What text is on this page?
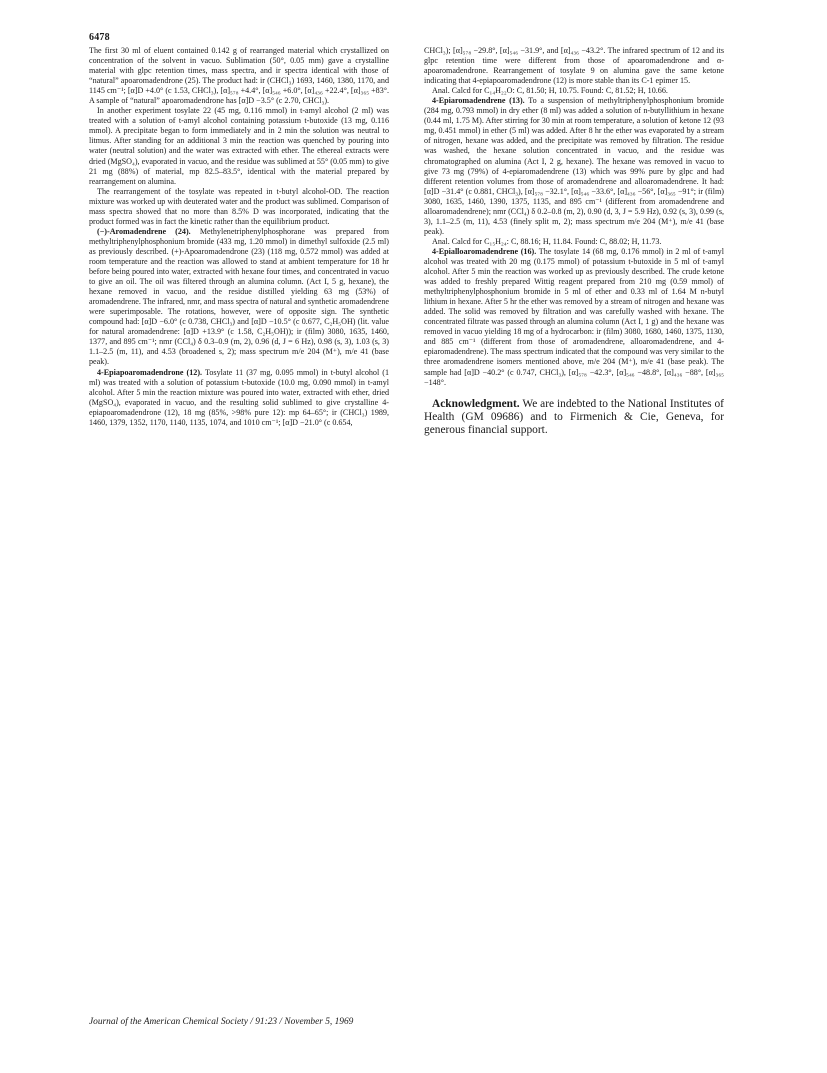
6478

The first 30 ml of eluent contained 0.142 g of rearranged material which crystallized on concentration of the solvent in vacuo. Sublimation (50°, 0.05 mm) gave a crystalline material with glpc retention times, mass spectra, and ir spectra identical with those of “natural” apoaromadendrone (25). The product had: ir (CHCl₃) 1693, 1460, 1380, 1170, and 1145 cm⁻¹; [α]D +4.0° (c 1.53, CHCl₃), [α]₅₇₈ +4.4°, [α]₅₄₆ +6.0°, [α]₄₃₆ +22.4°, [α]₃₆₅ +83°. A sample of “natural” apoaromadendrone has [α]D −3.5° (c 2.70, CHCl₃).

In another experiment tosylate 22 (45 mg, 0.116 mmol) in t-amyl alcohol (2 ml) was treated with a solution of t-amyl alcohol containing potassium t-butoxide (13 mg, 0.116 mmol). A precipitate began to form immediately and in 2 min the solution was neutral to litmus. After standing for an additional 3 min the reaction was quenched by pouring into water (neutral solution) and the water was extracted with ether. The ethereal extracts were dried (MgSO₄), evaporated in vacuo, and the residue was sublimed at 55° (0.05 mm) to give 21 mg (88%) of material, mp 82.5–83.5°, identical with the material prepared by rearrangement on alumina.

The rearrangement of the tosylate was repeated in t-butyl alcohol-OD. The reaction mixture was worked up with deuterated water and the product was sublimed. Comparison of mass spectra showed that no more than 8.5% D was incorporated, indicating that the product formed was in fact the kinetic rather than the equilibrium product.

(−)-Aromadendrene (24). Methylenetriphenylphosphorane was prepared from methyltriphenylphosphonium bromide (433 mg, 1.20 mmol) in dimethyl sulfoxide (2.5 ml) as previously described. (+)-Apoaromadendrone (23) (118 mg, 0.572 mmol) was added at room temperature and the reaction was allowed to stand at ambient temperature for 18 hr before being poured into water, extracted with hexane four times, and concentrated in vacuo to give an oil. The oil was filtered through an alumina column. (Act I, 5 g, hexane), the hexane removed in vacuo, and the residue distilled yielding 63 mg (53%) of aromadendrene. The infrared, nmr, and mass spectra of natural and synthetic aromadendrene were superimposable. The rotations, however, were of opposite sign. The synthetic compound had: [α]D −6.0° (c 0.738, CHCl₃) and [α]D −10.5° (c 0.677, C₂H₅OH) (lit. value for natural aromadendrene: [α]D +13.9° (c 1.58, C₂H₅OH)); ir (film) 3080, 1635, 1460, 1377, and 895 cm⁻¹; nmr (CCl₄) δ 0.3–0.9 (m, 2), 0.96 (d, J = 6 Hz), 0.98 (s, 3), 1.03 (s, 3) 1.1–2.5 (m, 11), and 4.53 (broadened s, 2); mass spectrum m/e 204 (M⁺), m/e 41 (base peak).

4-Epiapoaromadendrone (12). Tosylate 11 (37 mg, 0.095 mmol) in t-butyl alcohol (1 ml) was treated with a solution of potassium t-butoxide (10.0 mg, 0.090 mmol) in t-amyl alcohol. After 5 min the reaction mixture was poured into water, extracted with ether, dried (MgSO₄), evaporated in vacuo, and the resulting solid sublimed to give crystalline 4-epiapoaromadendrone (12), 18 mg (85%, >98% pure 12): mp 64–65°; ir (CHCl₃) 1989, 1460, 1379, 1352, 1170, 1140, 1135, 1074, and 1010 cm⁻¹; [α]D −21.0° (c 0.654,

CHCl₃); [α]₅₇₈ −29.8°, [α]₅₄₆ −31.9°, and [α]₄₃₆ −43.2°. The infrared spectrum of 12 and its glpc retention time were different from those of apoaromadendrone and α-apoaromadendrone. Rearrangement of tosylate 9 on alumina gave the same ketone indicating that 4-epiapoaromadendrone (12) is more stable than its C-1 epimer 15.

Anal. Calcd for C₁₄H₂₂O: C, 81.50; H, 10.75. Found: C, 81.52; H, 10.66.

4-Epiaromadendrene (13). To a suspension of methyltriphenylphosphonium bromide (284 mg, 0.793 mmol) in dry ether (8 ml) was added a solution of n-butyllithium in hexane (0.44 ml, 1.75 M). After stirring for 30 min at room temperature, a solution of ketone 12 (93 mg, 0.451 mmol) in ether (5 ml) was added. After 8 hr the ether was evaporated by a stream of nitrogen, hexane was added, and the precipitate was removed by filtration. The residue was washed, the hexane solution concentrated in vacuo, and the residue was chromatographed on alumina (Act I, 2 g, hexane). The hexane was removed in vacuo to give 73 mg (79%) of 4-epiaromadendrene (13) which was 99% pure by glpc and had different retention volumes from those of aromadendrene and alloaromadendrene. It had: [α]D −31.4° (c 0.881, CHCl₃), [α]₅₇₈ −32.1°, [α]₅₄₆ −33.6°, [α]₄₃₆ −56°, [α]₃₆₅ −91°; ir (film) 3080, 1635, 1460, 1390, 1375, 1135, and 895 cm⁻¹ (different from aromadendrene and alloaromadendrene); nmr (CCl₄) δ 0.2–0.8 (m, 2), 0.90 (d, 3, J = 5.9 Hz), 0.92 (s, 3), 0.99 (s, 3), 1.1–2.5 (m, 11), 4.53 (finely split m, 2); mass spectrum m/e 204 (M⁺), m/e 41 (base peak).

Anal. Calcd for C₁₅H₂₄: C, 88.16; H, 11.84. Found: C, 88.02; H, 11.73.

4-Epialloaromadendrene (16). The tosylate 14 (68 mg, 0.176 mmol) in 2 ml of t-amyl alcohol was treated with 20 mg (0.175 mmol) of potassium t-butoxide in 5 ml of t-amyl alcohol. After 5 min the reaction was worked up as previously described. The crude ketone was added to freshly prepared Wittig reagent prepared from 210 mg (0.59 mmol) of methyltriphenylphosphonium bromide in 5 ml of ether and 0.33 ml of 1.64 M n-butyl lithium in hexane. After 5 hr the ether was removed by a stream of nitrogen and hexane was added. The solid was removed by filtration and was carefully washed with hexane. The concentrated filtrate was passed through an alumina column (Act I, 1 g) and the hexane was removed in vacuo yielding 18 mg of a hydrocarbon: ir (film) 3080, 1680, 1460, 1375, 1130, and 885 cm⁻¹ (different from those of aromadendrene, alloaromadendrene, and 4-epiaromadendrene). The mass spectrum indicated that the compound was very similar to the three aromadendrene isomers mentioned above, m/e 204 (M⁺), m/e 41 (base peak). The sample had [α]D −40.2° (c 0.747, CHCl₃), [α]₅₇₈ −42.3°, [α]₅₄₆ −48.8°, [α]₄₃₆ −88°, [α]₃₆₅ −148°.

Acknowledgment. We are indebted to the National Institutes of Health (GM 09686) and to Firmenich & Cie, Geneva, for generous financial support.

Journal of the American Chemical Society / 91:23 / November 5, 1969
